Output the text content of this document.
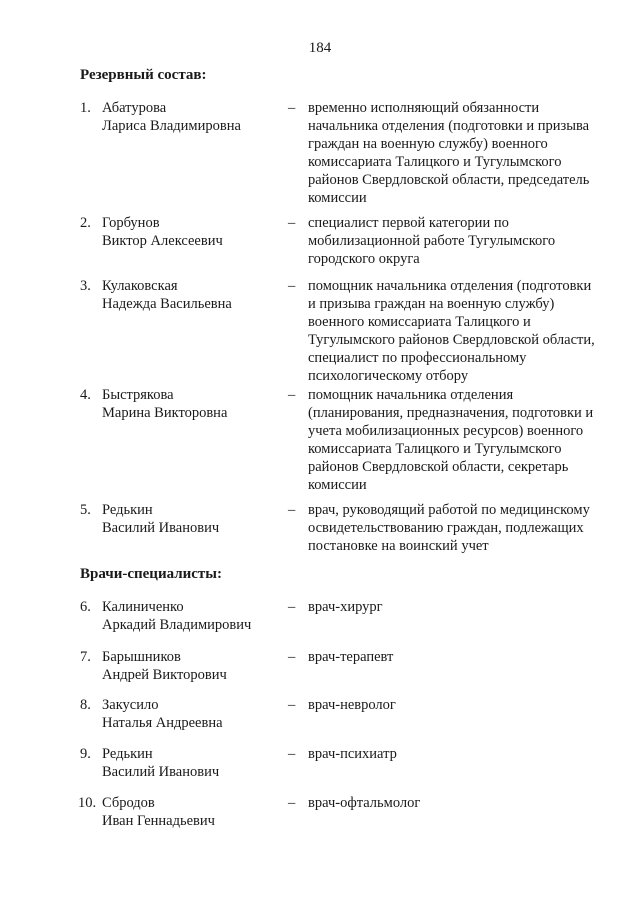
184
Резервный состав:
1. Абатурова
Лариса Владимировна
– временно исполняющий обязанности
начальника отделения (подготовки и призыва
граждан на военную службу) военного
комиссариата Талицкого и Тугулымского
районов Свердловской области, председатель
комиссии
2. Горбунов
Виктор Алексеевич
– специалист первой категории по
мобилизационной работе Тугулымского
городского округа
3. Кулаковская
Надежда Васильевна
– помощник начальника отделения (подготовки
и призыва граждан на военную службу)
военного комиссариата Талицкого и
Тугулымского районов Свердловской области,
специалист по профессиональному
психологическому отбору
4. Быстрякова
Марина Викторовна
– помощник начальника отделения
(планирования, предназначения, подготовки и
учета мобилизационных ресурсов) военного
комиссариата Талицкого и Тугулымского
районов Свердловской области, секретарь
комиссии
5. Редькин
Василий Иванович
– врач, руководящий работой по медицинскому
освидетельствованию граждан, подлежащих
постановке на воинский учет
Врачи-специалисты:
6. Калиниченко
Аркадий Владимирович
– врач-хирург
7. Барышников
Андрей Викторович
– врач-терапевт
8. Закусило
Наталья Андреевна
– врач-невролог
9. Редькин
Василий Иванович
– врач-психиатр
10. Сбродов
Иван Геннадьевич
– врач-офтальмолог
